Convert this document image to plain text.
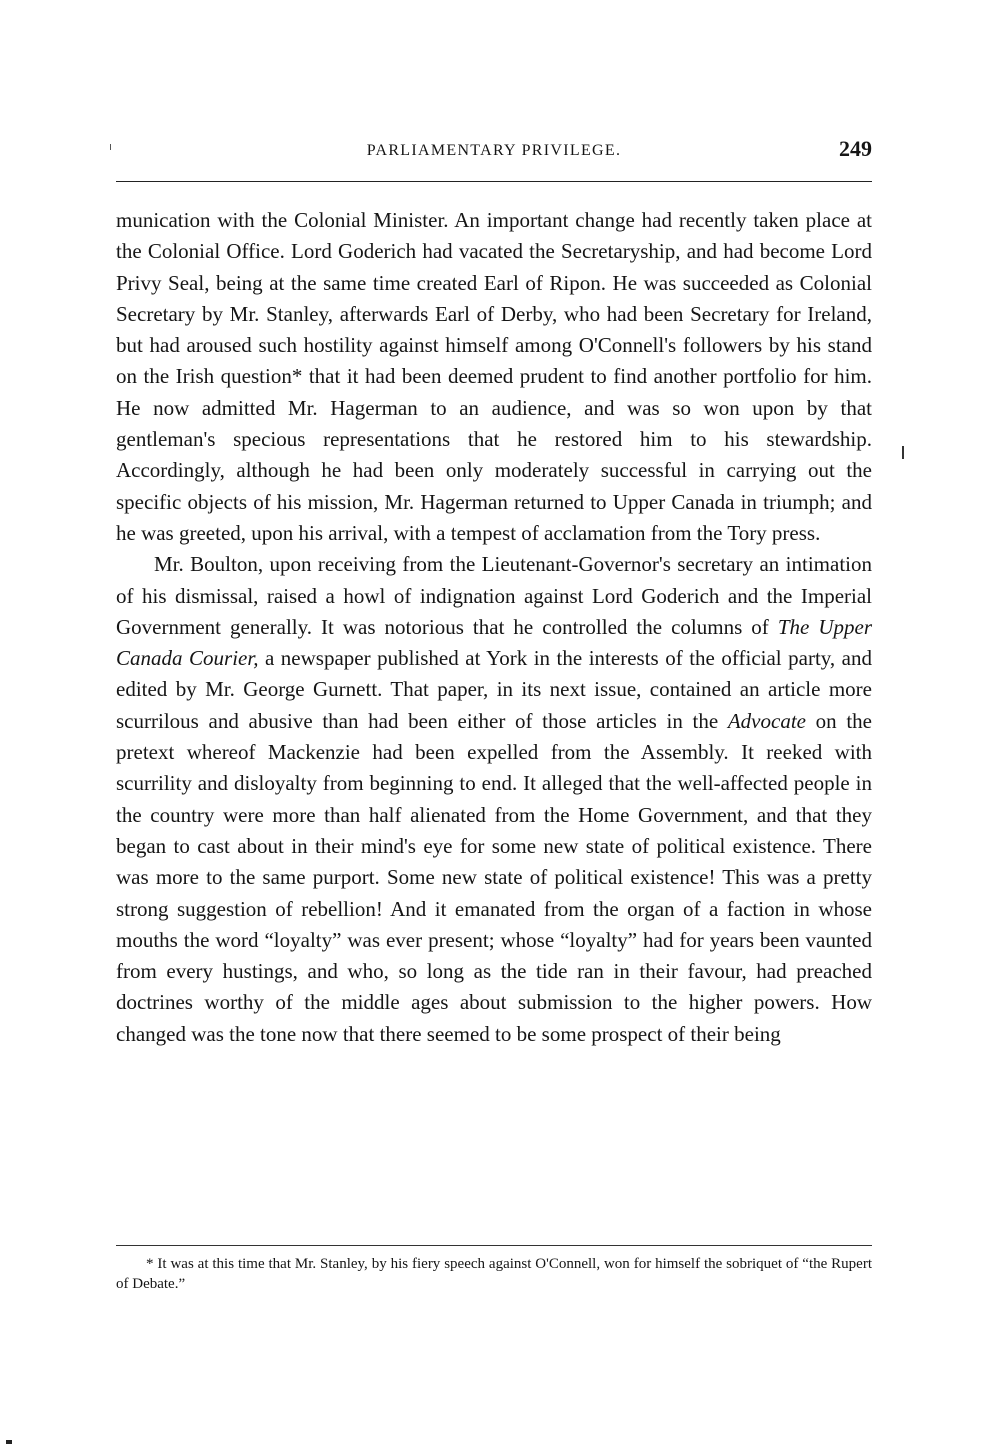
PARLIAMENTARY PRIVILEGE.	249

munication with the Colonial Minister. An important change had recently taken place at the Colonial Office. Lord Goderich had vacated the Secretaryship, and had become Lord Privy Seal, being at the same time created Earl of Ripon. He was succeeded as Colonial Secretary by Mr. Stanley, afterwards Earl of Derby, who had been Secretary for Ireland, but had aroused such hostility against himself among O'Connell's followers by his stand on the Irish question* that it had been deemed prudent to find another portfolio for him. He now admitted Mr. Hagerman to an audience, and was so won upon by that gentleman's specious representations that he restored him to his stewardship. Accordingly, although he had been only moderately successful in carrying out the specific objects of his mission, Mr. Hagerman returned to Upper Canada in triumph; and he was greeted, upon his arrival, with a tempest of acclamation from the Tory press.

Mr. Boulton, upon receiving from the Lieutenant-Governor's secretary an intimation of his dismissal, raised a howl of indignation against Lord Goderich and the Imperial Government generally. It was notorious that he controlled the columns of The Upper Canada Courier, a newspaper published at York in the interests of the official party, and edited by Mr. George Gurnett. That paper, in its next issue, contained an article more scurrilous and abusive than had been either of those articles in the Advocate on the pretext whereof Mackenzie had been expelled from the Assembly. It reeked with scurrility and disloyalty from beginning to end. It alleged that the well-affected people in the country were more than half alienated from the Home Government, and that they began to cast about in their mind's eye for some new state of political existence. There was more to the same purport. Some new state of political existence! This was a pretty strong suggestion of rebellion! And it emanated from the organ of a faction in whose mouths the word “loyalty” was ever present; whose “loyalty” had for years been vaunted from every hustings, and who, so long as the tide ran in their favour, had preached doctrines worthy of the middle ages about submission to the higher powers. How changed was the tone now that there seemed to be some prospect of their being

* It was at this time that Mr. Stanley, by his fiery speech against O'Connell, won for himself the sobriquet of “the Rupert of Debate.”
